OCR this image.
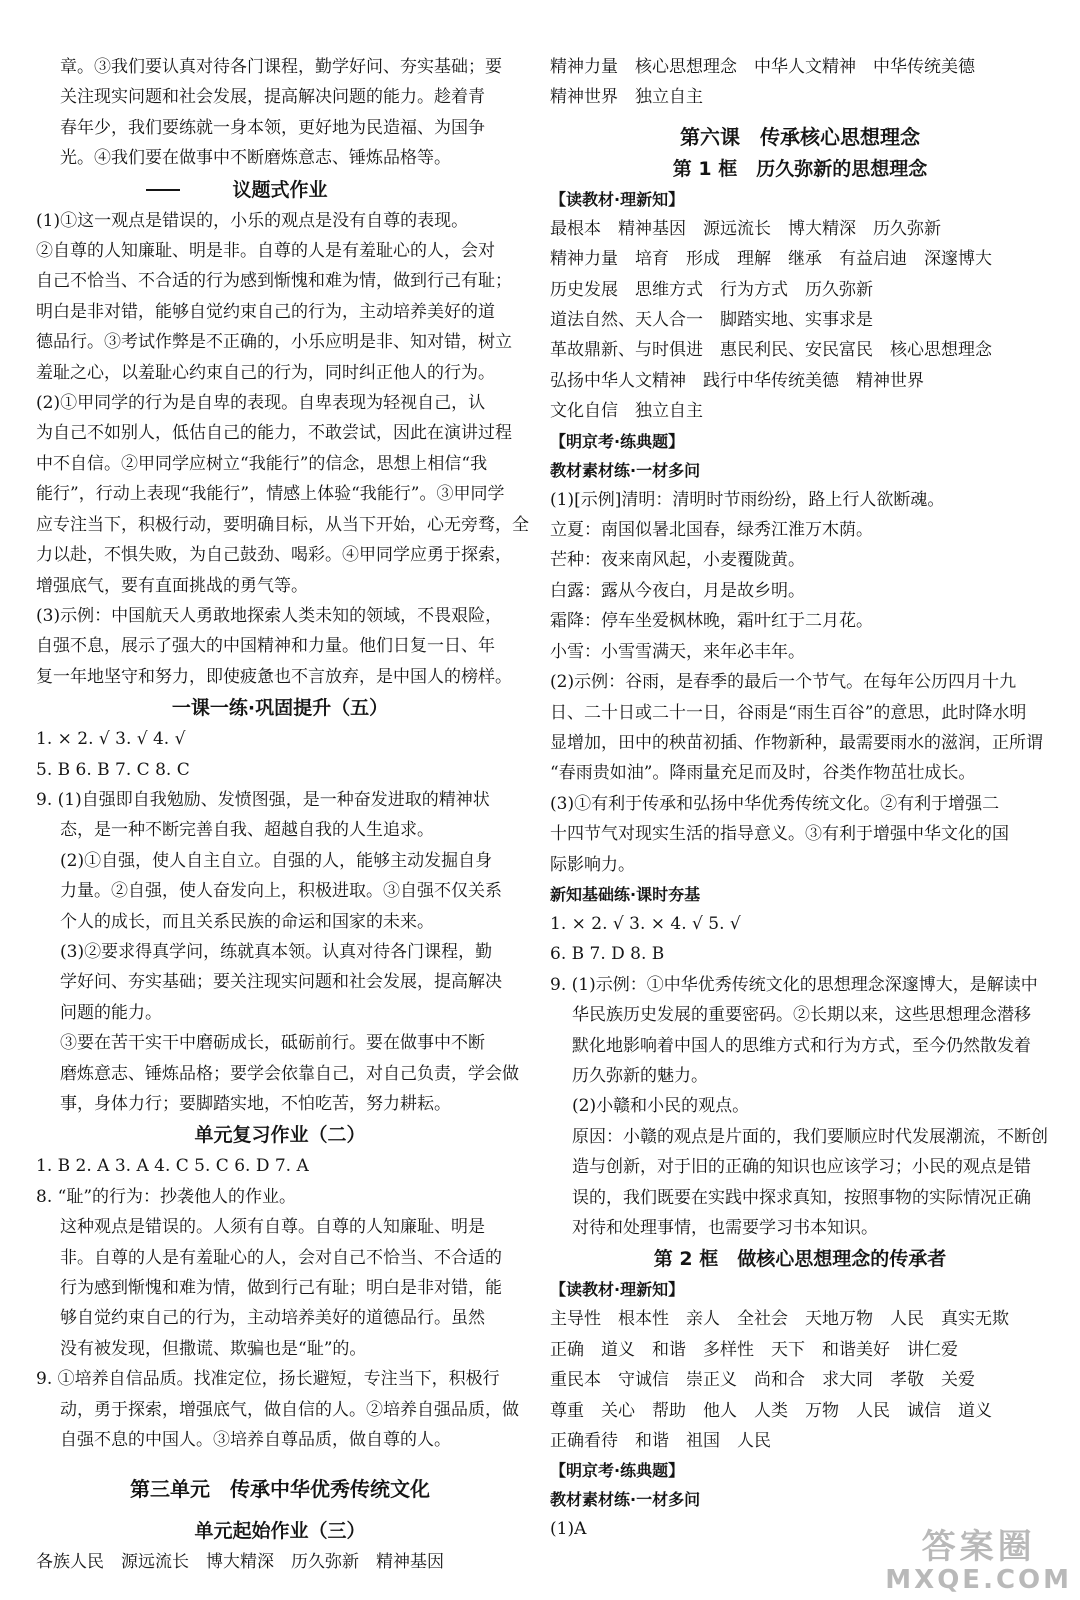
章。③我们要认真对待各门课程，勤学好问、夯实基础；要

关注现实问题和社会发展，提高解决问题的能力。趁着青

春年少，我们要练就一身本领，更好地为民造福、为国争

光。④我们要在做事中不断磨炼意志、锤炼品格等。

议题式作业

(1)①这一观点是错误的，小乐的观点是没有自尊的表现。

②自尊的人知廉耻、明是非。自尊的人是有羞耻心的人，会对

自己不恰当、不合适的行为感到惭愧和难为情，做到行己有耻；

明白是非对错，能够自觉约束自己的行为，主动培养美好的道

德品行。③考试作弊是不正确的，小乐应明是非、知对错，树立

羞耻之心，以羞耻心约束自己的行为，同时纠正他人的行为。

(2)①甲同学的行为是自卑的表现。自卑表现为轻视自己，认

为自己不如别人，低估自己的能力，不敢尝试，因此在演讲过程

中不自信。②甲同学应树立“我能行”的信念，思想上相信“我

能行”，行动上表现“我能行”，情感上体验“我能行”。③甲同学

应专注当下，积极行动，要明确目标，从当下开始，心无旁骛，全

力以赴，不惧失败，为自己鼓劲、喝彩。④甲同学应勇于探索，

增强底气，要有直面挑战的勇气等。

(3)示例：中国航天人勇敢地探索人类未知的领域，不畏艰险，

自强不息，展示了强大的中国精神和力量。他们日复一日、年

复一年地坚守和努力，即使疲惫也不言放弃，是中国人的榜样。

一课一练·巩固提升（五）

1. × 2. √ 3. √ 4. √

5. B 6. B 7. C 8. C

9. (1)自强即自我勉励、发愤图强，是一种奋发进取的精神状

态，是一种不断完善自我、超越自我的人生追求。

(2)①自强，使人自主自立。自强的人，能够主动发掘自身

力量。②自强，使人奋发向上，积极进取。③自强不仅关系

个人的成长，而且关系民族的命运和国家的未来。

(3)②要求得真学问，练就真本领。认真对待各门课程，勤

学好问、夯实基础；要关注现实问题和社会发展，提高解决

问题的能力。

③要在苦干实干中磨砺成长，砥砺前行。要在做事中不断

磨炼意志、锤炼品格；要学会依靠自己，对自己负责，学会做

事，身体力行；要脚踏实地，不怕吃苦，努力耕耘。

单元复习作业（二）

1. B 2. A 3. A 4. C 5. C 6. D 7. A

8. “耻”的行为：抄袭他人的作业。

这种观点是错误的。人须有自尊。自尊的人知廉耻、明是

非。自尊的人是有羞耻心的人，会对自己不恰当、不合适的

行为感到惭愧和难为情，做到行己有耻；明白是非对错，能

够自觉约束自己的行为，主动培养美好的道德品行。虽然

没有被发现，但撒谎、欺骗也是“耻”的。

9. ①培养自信品质。找准定位，扬长避短，专注当下，积极行

动，勇于探索，增强底气，做自信的人。②培养自强品质，做

自强不息的中国人。③培养自尊品质，做自尊的人。

第三单元　传承中华优秀传统文化

单元起始作业（三）

各族人民　源远流长　博大精深　历久弥新　精神基因

精神力量　核心思想理念　中华人文精神　中华传统美德

精神世界　独立自主

第六课　传承核心思想理念

第 1 框　历久弥新的思想理念

【读教材·理新知】

最根本　精神基因　源远流长　博大精深　历久弥新

精神力量　培育　形成　理解　继承　有益启迪　深邃博大

历史发展　思维方式　行为方式　历久弥新

道法自然、天人合一　脚踏实地、实事求是

革故鼎新、与时俱进　惠民利民、安民富民　核心思想理念

弘扬中华人文精神　践行中华传统美德　精神世界

文化自信　独立自主

【明京考·练典题】

教材素材练·一材多问

(1)[示例]清明：清明时节雨纷纷，路上行人欲断魂。

立夏：南国似暑北国春，绿秀江淮万木荫。

芒种：夜来南风起，小麦覆陇黄。

白露：露从今夜白，月是故乡明。

霜降：停车坐爱枫林晚，霜叶红于二月花。

小雪：小雪雪满天，来年必丰年。

(2)示例：谷雨，是春季的最后一个节气。在每年公历四月十九

日、二十日或二十一日，谷雨是“雨生百谷”的意思，此时降水明

显增加，田中的秧苗初插、作物新种，最需要雨水的滋润，正所谓

“春雨贵如油”。降雨量充足而及时，谷类作物茁壮成长。

(3)①有利于传承和弘扬中华优秀传统文化。②有利于增强二

十四节气对现实生活的指导意义。③有利于增强中华文化的国

际影响力。

新知基础练·课时夯基

1. × 2. √ 3. × 4. √ 5. √

6. B 7. D 8. B

9. (1)示例：①中华优秀传统文化的思想理念深邃博大，是解读中

华民族历史发展的重要密码。②长期以来，这些思想理念潜移

默化地影响着中国人的思维方式和行为方式，至今仍然散发着

历久弥新的魅力。

(2)小赣和小民的观点。

原因：小赣的观点是片面的，我们要顺应时代发展潮流，不断创

造与创新，对于旧的正确的知识也应该学习；小民的观点是错

误的，我们既要在实践中探求真知，按照事物的实际情况正确

对待和处理事情，也需要学习书本知识。

第 2 框　做核心思想理念的传承者

【读教材·理新知】

主导性　根本性　亲人　全社会　天地万物　人民　真实无欺

正确　道义　和谐　多样性　天下　和谐美好　讲仁爱

重民本　守诚信　崇正义　尚和合　求大同　孝敬　关爱

尊重　关心　帮助　他人　人类　万物　人民　诚信　道义

正确看待　和谐　祖国　人民

【明京考·练典题】

教材素材练·一材多问

(1)A	答案圈
MXQE.COM
